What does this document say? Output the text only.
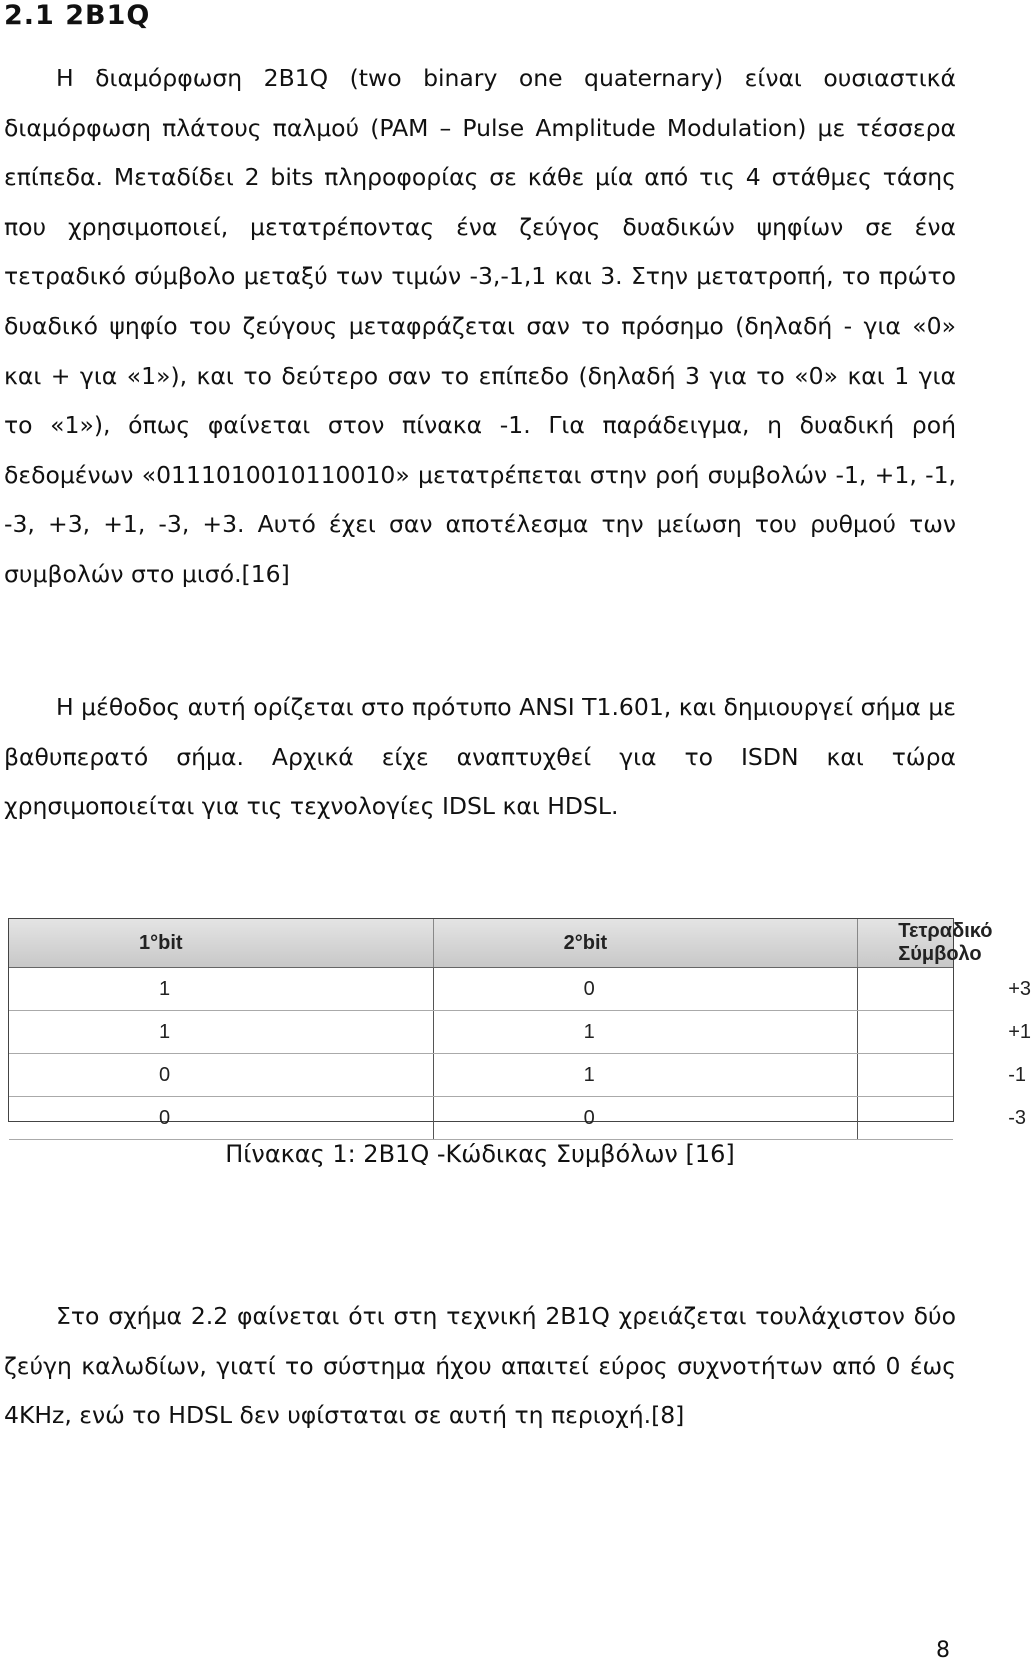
2.1 2B1Q

Η διαμόρφωση 2B1Q (two binary one quaternary) είναι ουσιαστικά διαμόρφωση πλάτους παλμού (PAM – Pulse Amplitude Modulation) με τέσσερα επίπεδα. Μεταδίδει 2 bits πληροφορίας σε κάθε μία από τις 4 στάθμες τάσης που χρησιμοποιεί, μετατρέποντας ένα ζεύγος δυαδικών ψηφίων σε ένα τετραδικό σύμβολο μεταξύ των τιμών -3,-1,1 και 3. Στην μετατροπή, το πρώτο δυαδικό ψηφίο του ζεύγους μεταφράζεται σαν το πρόσημο (δηλαδή - για «0» και + για «1»), και το δεύτερο σαν το επίπεδο (δηλαδή 3 για το «0» και 1 για το «1»), όπως φαίνεται στον πίνακα -1. Για παράδειγμα, η δυαδική ροή δεδομένων «0111010010110010» μετατρέπεται στην ροή συμβολών -1, +1, -1, -3, +3, +1, -3, +3. Αυτό έχει σαν αποτέλεσμα την μείωση του ρυθμού των συμβολών στο μισό.[16]

Η μέθοδος αυτή ορίζεται στο πρότυπο ANSI T1.601, και δημιουργεί σήμα με βαθυπερατό σήμα. Αρχικά είχε αναπτυχθεί για το ISDN και τώρα χρησιμοποιείται για τις τεχνολογίες IDSL και HDSL.

1°bit	2°bit	Τετραδικό Σύμβολο
1	0	+3
1	1	+1
0	1	-1
0	0	-3

Πίνακας 1: 2B1Q -Κώδικας Συμβόλων [16]

Στο σχήμα 2.2 φαίνεται ότι στη τεχνική 2B1Q χρειάζεται τουλάχιστον δύο ζεύγη καλωδίων, γιατί το σύστημα ήχου απαιτεί εύρος συχνοτήτων από 0 έως 4KHz, ενώ το HDSL δεν υφίσταται σε αυτή τη περιοχή.[8]

8
